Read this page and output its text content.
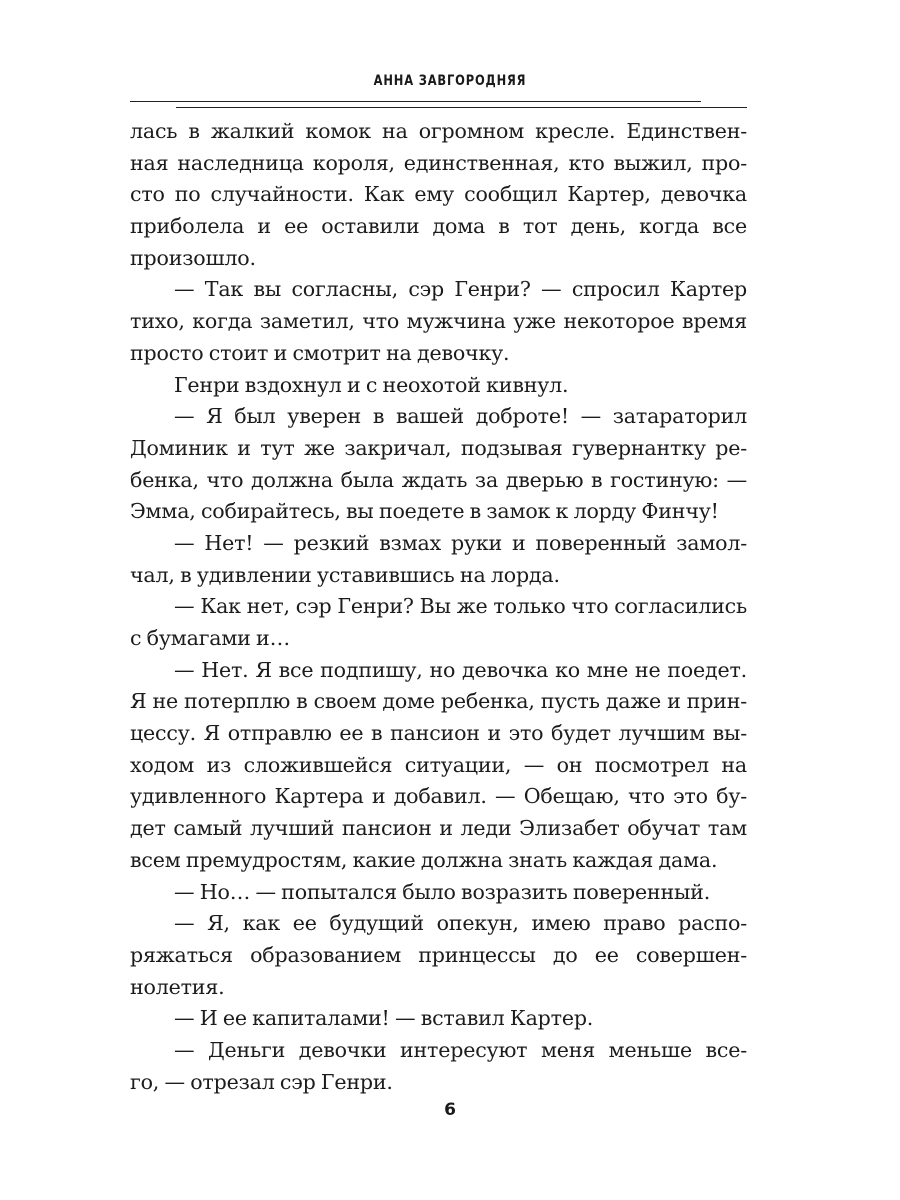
АННА ЗАВГОРОДНЯЯ
лась в жалкий комок на огромном кресле. Единствен-
ная наследница короля, единственная, кто выжил, про-
сто по случайности. Как ему сообщил Картер, девочка
приболела и ее оставили дома в тот день, когда все
произошло.
— Так вы согласны, сэр Генри? — спросил Картер
тихо, когда заметил, что мужчина уже некоторое время
просто стоит и смотрит на девочку.
Генри вздохнул и с неохотой кивнул.
— Я был уверен в вашей доброте! — затараторил
Доминик и тут же закричал, подзывая гувернантку ре-
бенка, что должна была ждать за дверью в гостиную: —
Эмма, собирайтесь, вы поедете в замок к лорду Финчу!
— Нет! — резкий взмах руки и поверенный замол-
чал, в удивлении уставившись на лорда.
— Как нет, сэр Генри? Вы же только что согласились
с бумагами и…
— Нет. Я все подпишу, но девочка ко мне не поедет.
Я не потерплю в своем доме ребенка, пусть даже и прин-
цессу. Я отправлю ее в пансион и это будет лучшим вы-
ходом из сложившейся ситуации, — он посмотрел на
удивленного Картера и добавил. — Обещаю, что это бу-
дет самый лучший пансион и леди Элизабет обучат там
всем премудростям, какие должна знать каждая дама.
— Но… — попытался было возразить поверенный.
— Я, как ее будущий опекун, имею право распо-
ряжаться образованием принцессы до ее совершен-
нолетия.
— И ее капиталами! — вставил Картер.
— Деньги девочки интересуют меня меньше все-
го, — отрезал сэр Генри.
6
